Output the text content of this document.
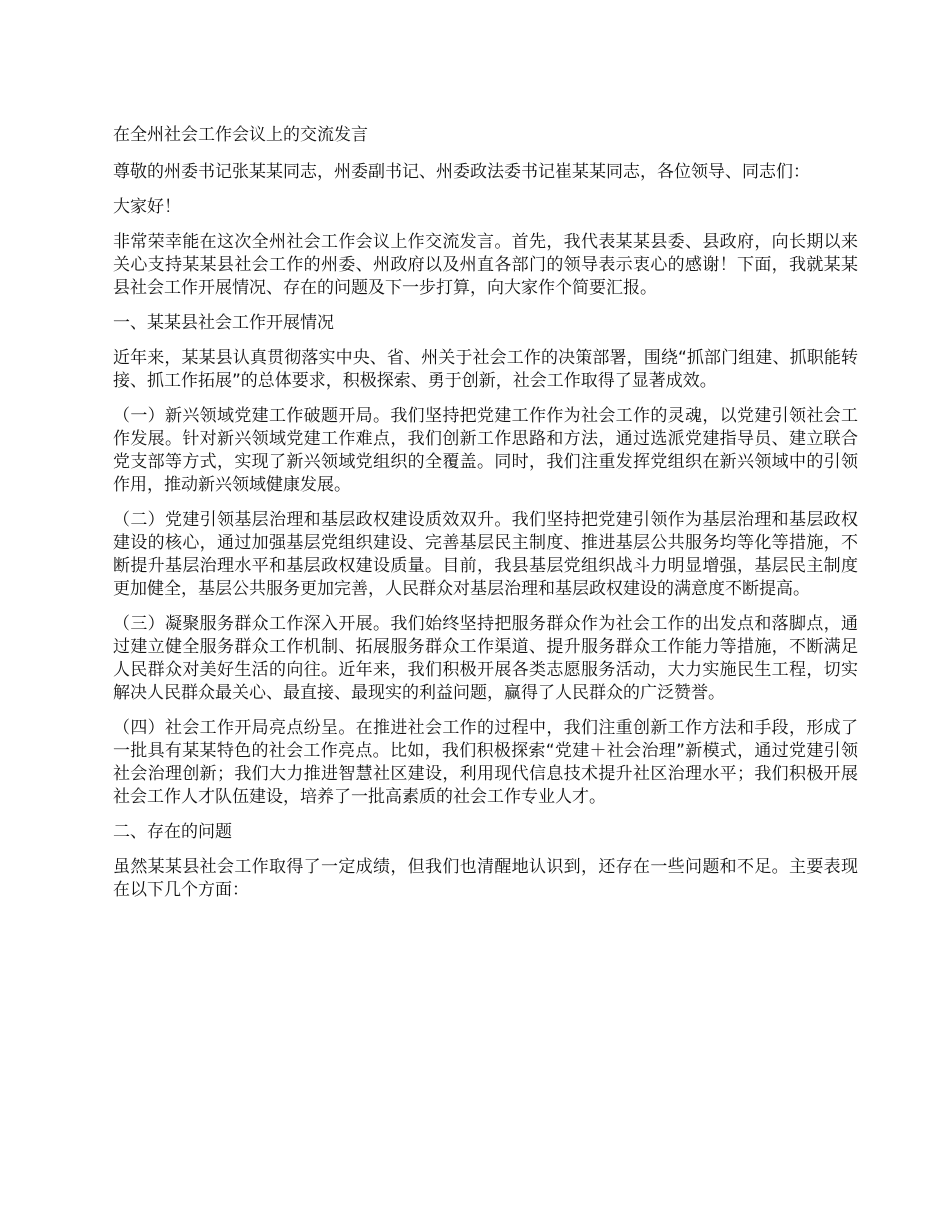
在全州社会工作会议上的交流发言

尊敬的州委书记张某某同志，州委副书记、州委政法委书记崔某某同志，各位领导、同志们：

大家好！

非常荣幸能在这次全州社会工作会议上作交流发言。首先，我代表某某县委、县政府，向长期以来关心支持某某县社会工作的州委、州政府以及州直各部门的领导表示衷心的感谢！下面，我就某某县社会工作开展情况、存在的问题及下一步打算，向大家作个简要汇报。

一、某某县社会工作开展情况

近年来，某某县认真贯彻落实中央、省、州关于社会工作的决策部署，围绕“抓部门组建、抓职能转接、抓工作拓展”的总体要求，积极探索、勇于创新，社会工作取得了显著成效。

（一）新兴领域党建工作破题开局。我们坚持把党建工作作为社会工作的灵魂，以党建引领社会工作发展。针对新兴领域党建工作难点，我们创新工作思路和方法，通过选派党建指导员、建立联合党支部等方式，实现了新兴领域党组织的全覆盖。同时，我们注重发挥党组织在新兴领域中的引领作用，推动新兴领域健康发展。

（二）党建引领基层治理和基层政权建设质效双升。我们坚持把党建引领作为基层治理和基层政权建设的核心，通过加强基层党组织建设、完善基层民主制度、推进基层公共服务均等化等措施，不断提升基层治理水平和基层政权建设质量。目前，我县基层党组织战斗力明显增强，基层民主制度更加健全，基层公共服务更加完善，人民群众对基层治理和基层政权建设的满意度不断提高。

（三）凝聚服务群众工作深入开展。我们始终坚持把服务群众作为社会工作的出发点和落脚点，通过建立健全服务群众工作机制、拓展服务群众工作渠道、提升服务群众工作能力等措施，不断满足人民群众对美好生活的向往。近年来，我们积极开展各类志愿服务活动，大力实施民生工程，切实解决人民群众最关心、最直接、最现实的利益问题，赢得了人民群众的广泛赞誉。

（四）社会工作开局亮点纷呈。在推进社会工作的过程中，我们注重创新工作方法和手段，形成了一批具有某某特色的社会工作亮点。比如，我们积极探索“党建＋社会治理”新模式，通过党建引领社会治理创新；我们大力推进智慧社区建设，利用现代信息技术提升社区治理水平；我们积极开展社会工作人才队伍建设，培养了一批高素质的社会工作专业人才。

二、存在的问题

虽然某某县社会工作取得了一定成绩，但我们也清醒地认识到，还存在一些问题和不足。主要表现在以下几个方面：
